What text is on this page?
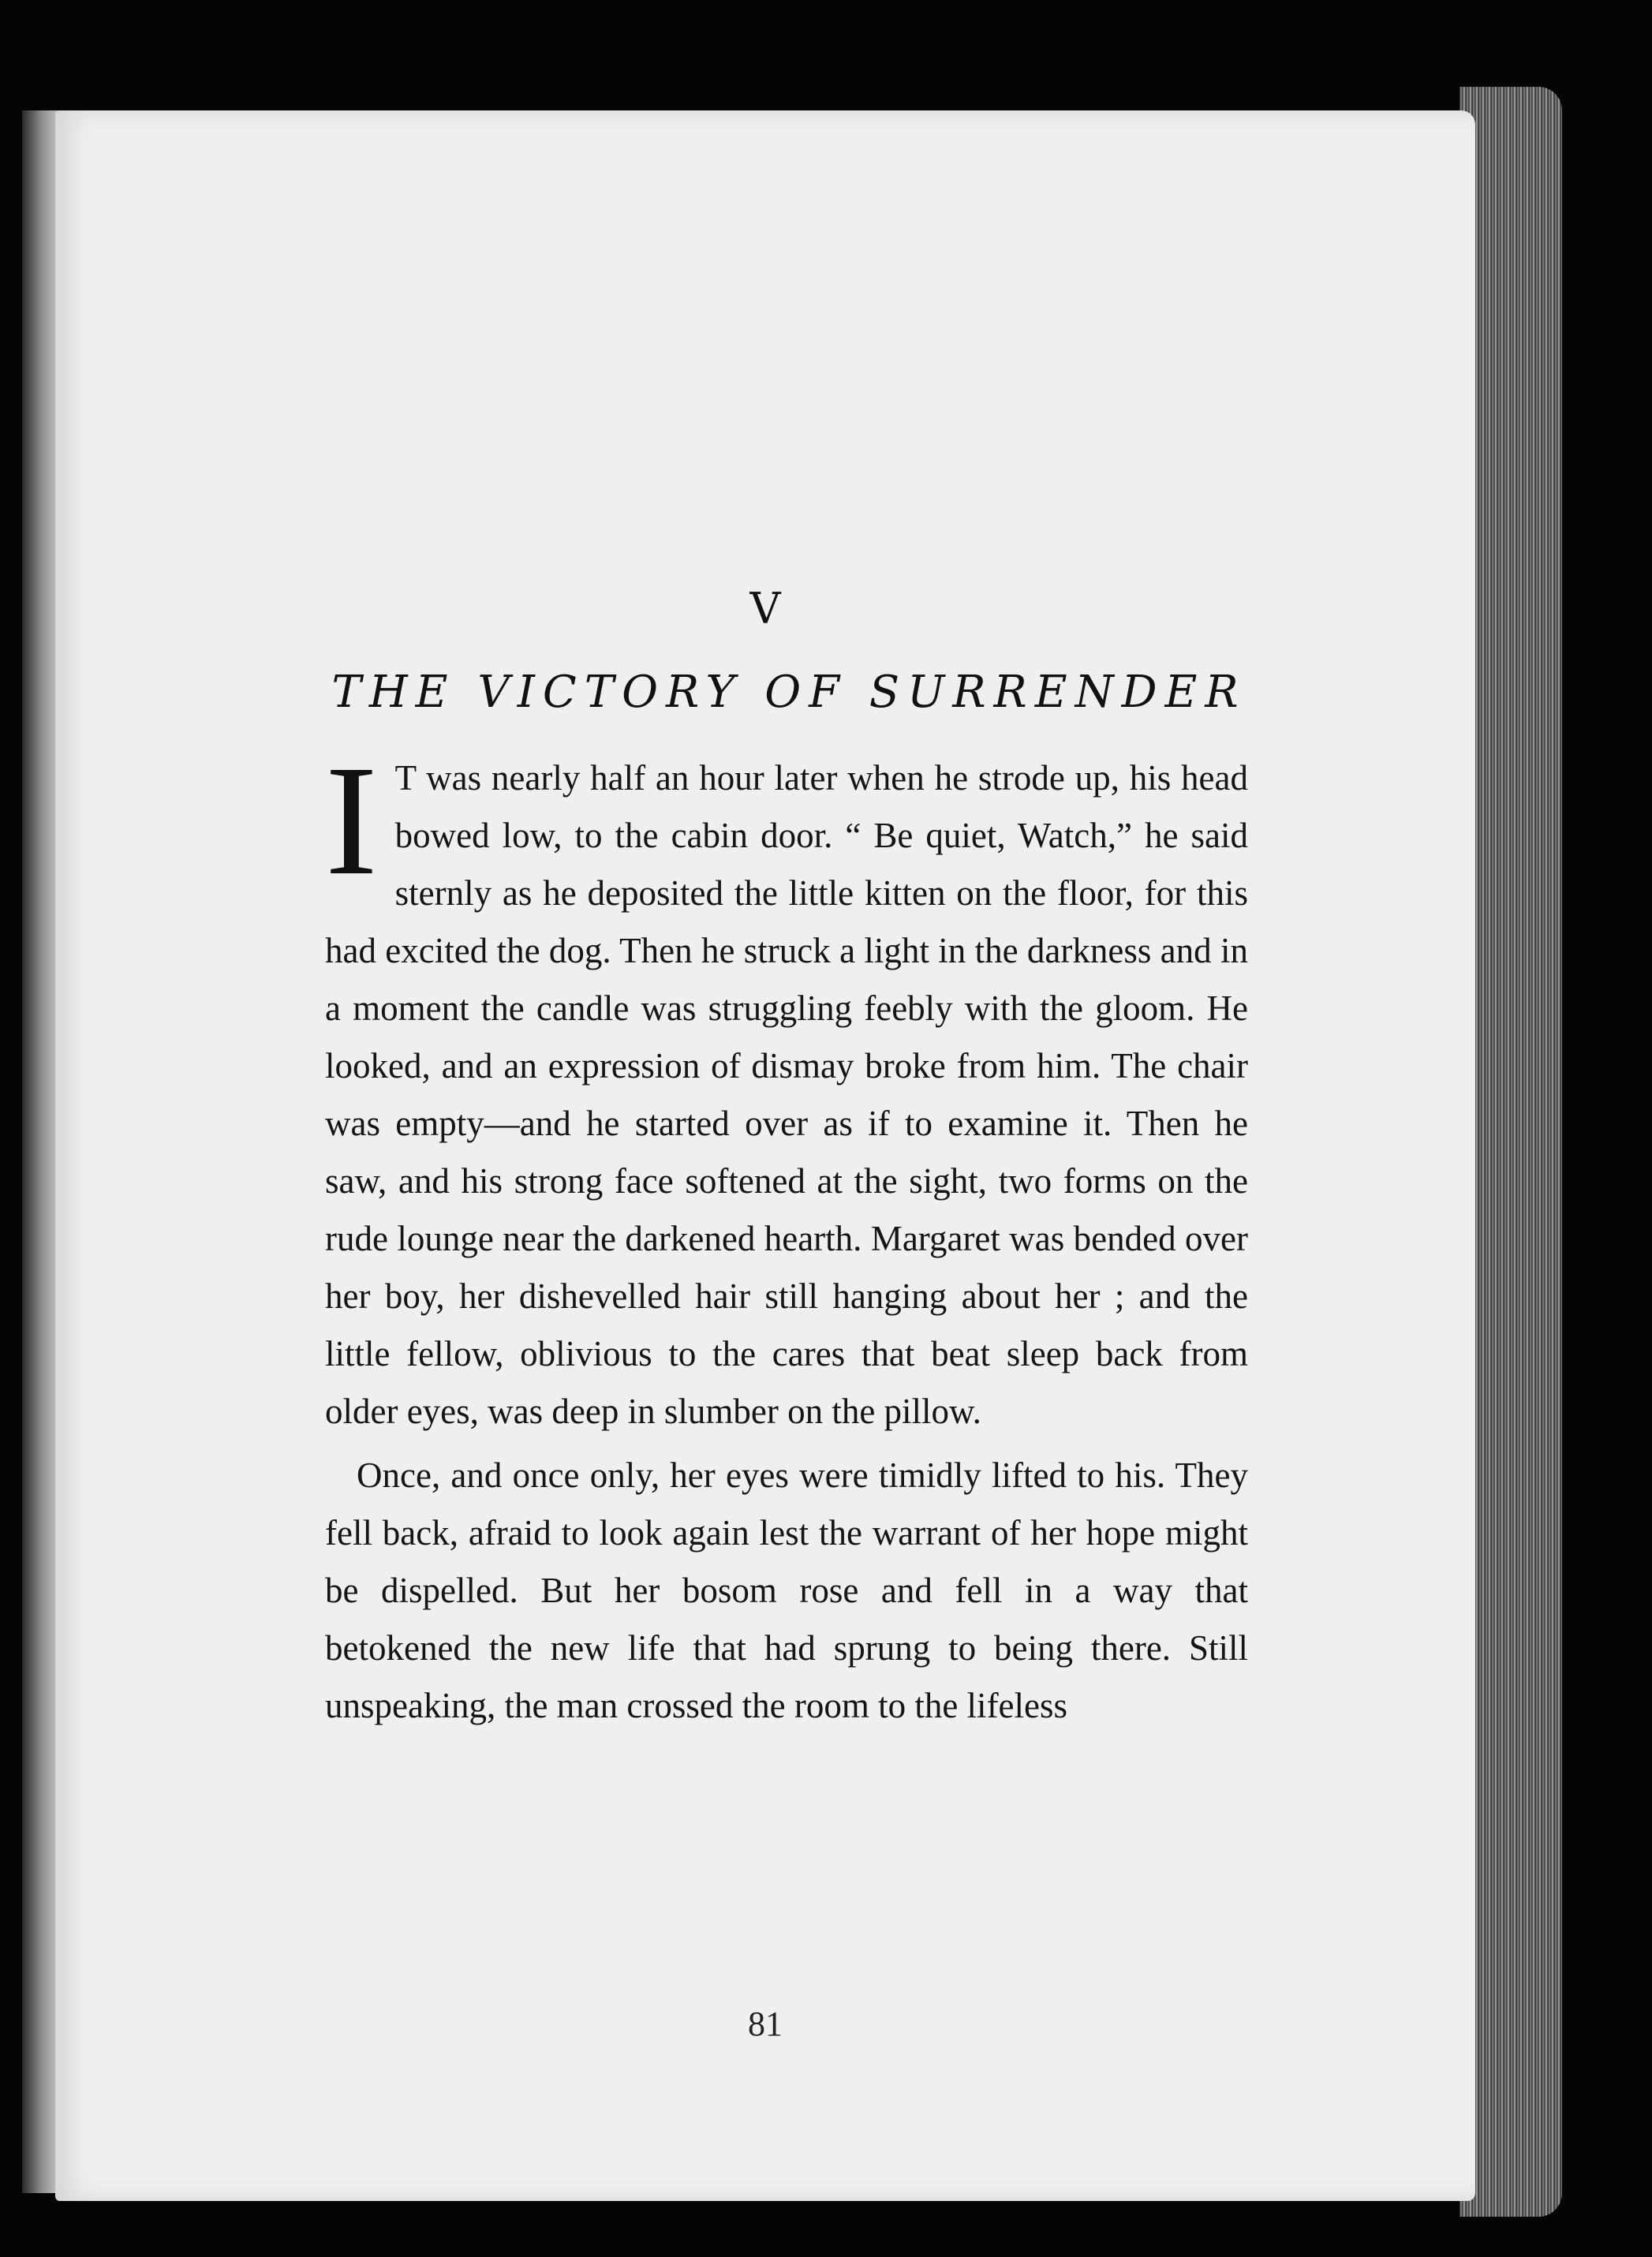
V
THE VICTORY OF SURRENDER

I T was nearly half an hour later when he strode up, his head bowed low, to the cabin door. “ Be quiet, Watch,” he said sternly as he deposited the little kitten on the floor, for this had excited the dog. Then he struck a light in the darkness and in a moment the candle was struggling feebly with the gloom. He looked, and an expression of dismay broke from him. The chair was empty—and he started over as if to examine it. Then he saw, and his strong face softened at the sight, two forms on the rude lounge near the darkened hearth. Margaret was bended over her boy, her dishevelled hair still hanging about her ; and the little fellow, oblivious to the cares that beat sleep back from older eyes, was deep in slumber on the pillow.

Once, and once only, her eyes were timidly lifted to his. They fell back, afraid to look again lest the warrant of her hope might be dispelled. But her bosom rose and fell in a way that betokened the new life that had sprung to being there. Still unspeaking, the man crossed the room to the lifeless

81
